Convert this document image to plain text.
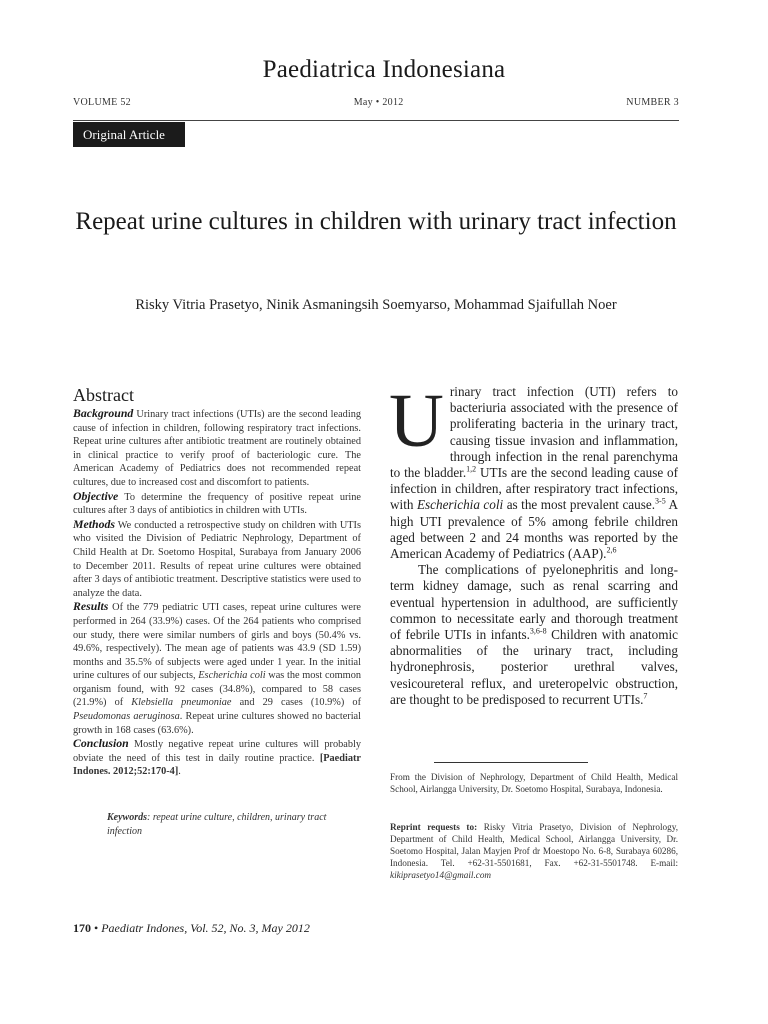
Paediatrica Indonesiana
VOLUME 52	May • 2012	NUMBER 3
Original Article
Repeat urine cultures in children with urinary tract infection
Risky Vitria Prasetyo, Ninik Asmaningsih Soemyarso, Mohammad Sjaifullah Noer
Abstract

Background Urinary tract infections (UTIs) are the second leading cause of infection in children, following respiratory tract infections. Repeat urine cultures after antibiotic treatment are routinely obtained in clinical practice to verify proof of bacteriologic cure. The American Academy of Pediatrics does not recommended repeat cultures, due to increased cost and discomfort to patients.

Objective To determine the frequency of positive repeat urine cultures after 3 days of antibiotics in children with UTIs.

Methods We conducted a retrospective study on children with UTIs who visited the Division of Pediatric Nephrology, Department of Child Health at Dr. Soetomo Hospital, Surabaya from January 2006 to December 2011. Results of repeat urine cultures were obtained after 3 days of antibiotic treatment. Descriptive statistics were used to analyze the data.

Results Of the 779 pediatric UTI cases, repeat urine cultures were performed in 264 (33.9%) cases. Of the 264 patients who comprised our study, there were similar numbers of girls and boys (50.4% vs. 49.6%, respectively). The mean age of patients was 43.9 (SD 1.59) months and 35.5% of subjects were aged under 1 year. In the initial urine cultures of our subjects, Escherichia coli was the most common organism found, with 92 cases (34.8%), compared to 58 cases (21.9%) of Klebsiella pneumoniae and 29 cases (10.9%) of Pseudomonas aeruginosa. Repeat urine cultures showed no bacterial growth in 168 cases (63.6%).

Conclusion Mostly negative repeat urine cultures will probably obviate the need of this test in daily routine practice. [Paediatr Indones. 2012;52:170-4].

Keywords: repeat urine culture, children, urinary tract infection

Urinary tract infection (UTI) refers to bacteriuria associated with the presence of proliferating bacteria in the urinary tract, causing tissue invasion and inflammation, through infection in the renal parenchyma to the bladder.$^{1,2}$ UTIs are the second leading cause of infection in children, after respiratory tract infections, with Escherichia coli as the most prevalent cause.$^{3-5}$ A high UTI prevalence of 5% among febrile children aged between 2 and 24 months was reported by the American Academy of Pediatrics (AAP).$^{2,6}$

The complications of pyelonephritis and long-term kidney damage, such as renal scarring and eventual hypertension in adulthood, are sufficiently common to necessitate early and thorough treatment of febrile UTIs in infants.$^{3,6-8}$ Children with anatomic abnormalities of the urinary tract, including hydronephrosis, posterior urethral valves, vesicoureteral reflux, and ureteropelvic obstruction, are thought to be predisposed to recurrent UTIs.$^7$

From the Division of Nephrology, Department of Child Health, Medical School, Airlangga University, Dr. Soetomo Hospital, Surabaya, Indonesia.

Reprint requests to: Risky Vitria Prasetyo, Division of Nephrology, Department of Child Health, Medical School, Airlangga University, Dr. Soetomo Hospital, Jalan Mayjen Prof dr Moestopo No. 6-8, Surabaya 60286, Indonesia. Tel. +62-31-5501681, Fax. +62-31-5501748. E-mail: kikiprasetyo14@gmail.com

170 • Paediatr Indones, Vol. 52, No. 3, May 2012
